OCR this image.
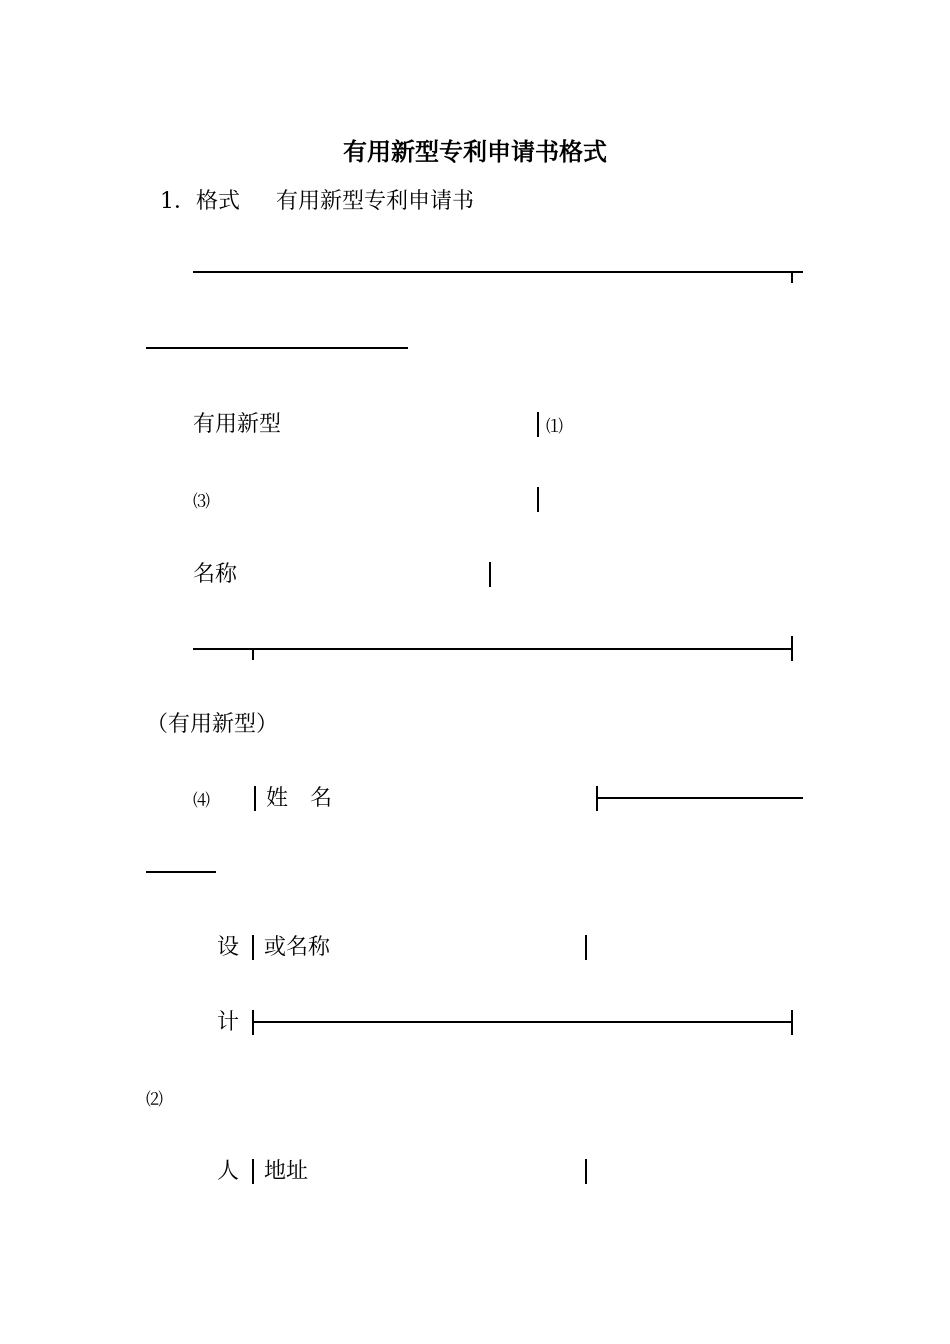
有用新型专利申请书格式
1．格式 有用新型专利申请书
有用新型	⑴
⑶
名称
（有用新型）
⑷	姓　名
设 或名称
计
⑵
人 地址
